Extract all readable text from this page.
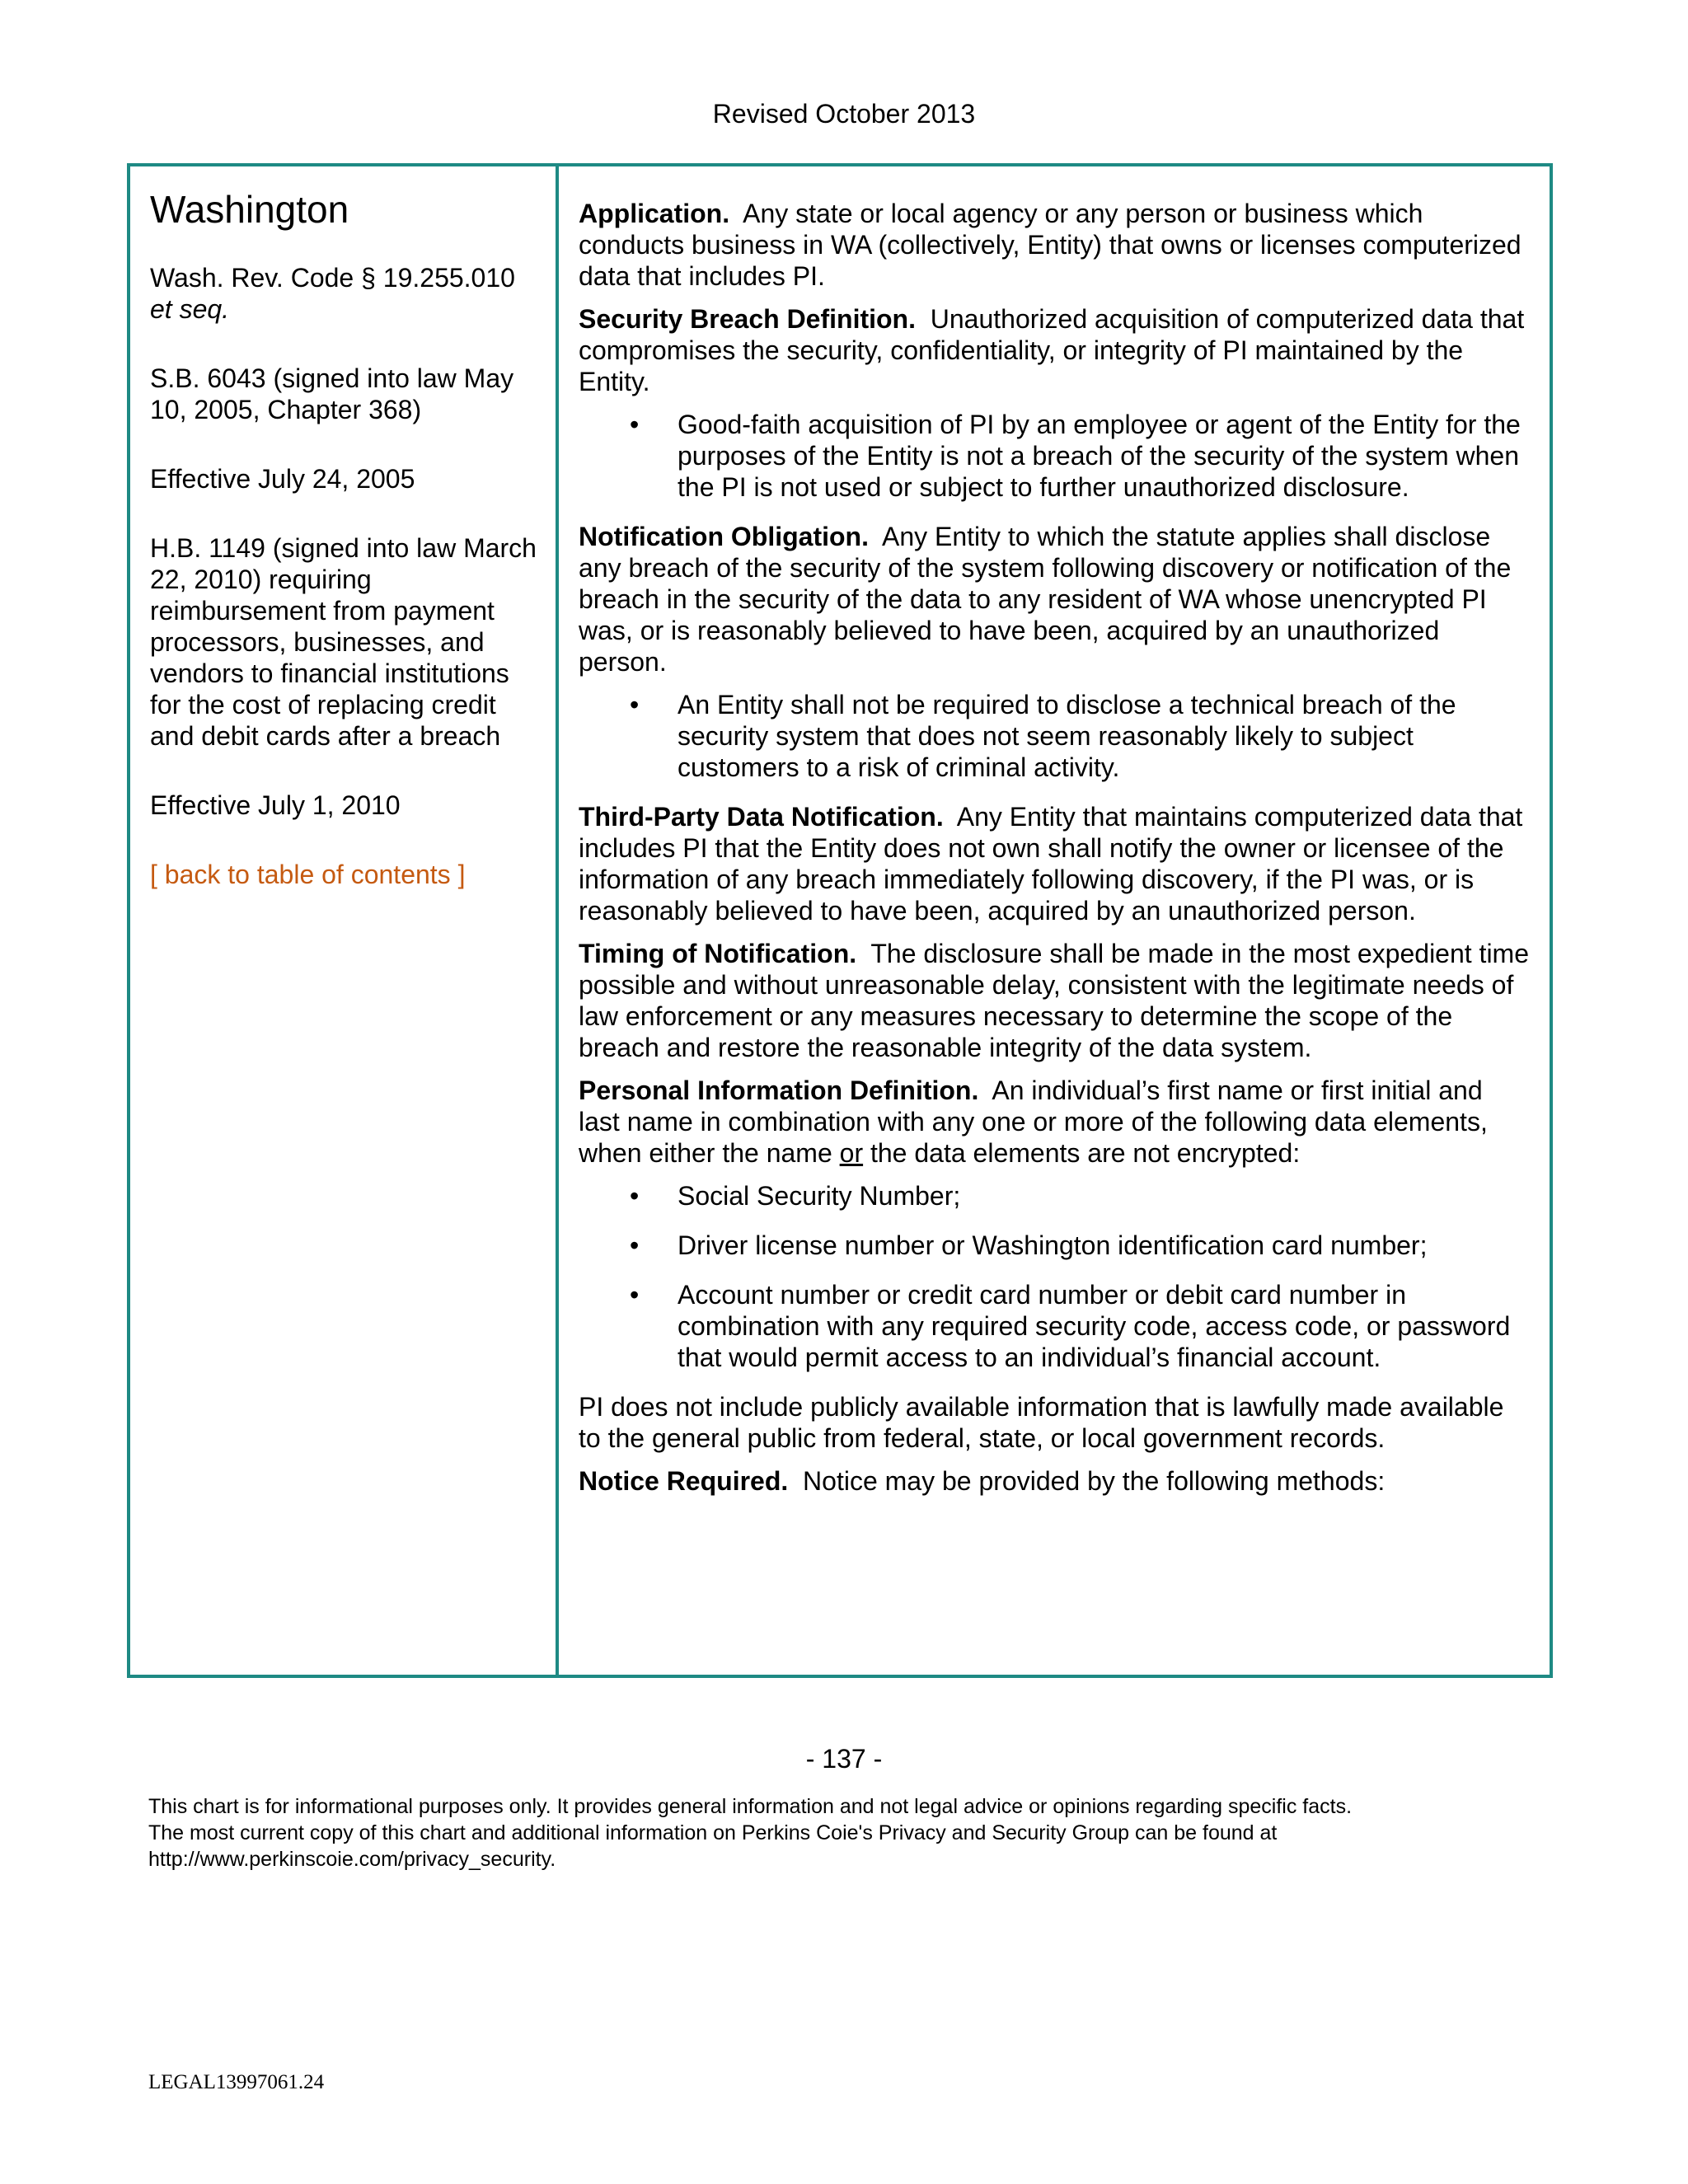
Revised October 2013
Washington
Wash. Rev. Code § 19.255.010
et seq.
S.B. 6043 (signed into law May 10, 2005, Chapter 368)
Effective July 24, 2005
H.B. 1149 (signed into law March 22, 2010) requiring reimbursement from payment processors, businesses, and vendors to financial institutions for the cost of replacing credit and debit cards after a breach
Effective July 1, 2010
[ back to table of contents ]

Application. Any state or local agency or any person or business which conducts business in WA (collectively, Entity) that owns or licenses computerized data that includes PI.

Security Breach Definition. Unauthorized acquisition of computerized data that compromises the security, confidentiality, or integrity of PI maintained by the Entity.

• Good-faith acquisition of PI by an employee or agent of the Entity for the purposes of the Entity is not a breach of the security of the system when the PI is not used or subject to further unauthorized disclosure.

Notification Obligation. Any Entity to which the statute applies shall disclose any breach of the security of the system following discovery or notification of the breach in the security of the data to any resident of WA whose unencrypted PI was, or is reasonably believed to have been, acquired by an unauthorized person.

• An Entity shall not be required to disclose a technical breach of the security system that does not seem reasonably likely to subject customers to a risk of criminal activity.

Third-Party Data Notification. Any Entity that maintains computerized data that includes PI that the Entity does not own shall notify the owner or licensee of the information of any breach immediately following discovery, if the PI was, or is reasonably believed to have been, acquired by an unauthorized person.

Timing of Notification. The disclosure shall be made in the most expedient time possible and without unreasonable delay, consistent with the legitimate needs of law enforcement or any measures necessary to determine the scope of the breach and restore the reasonable integrity of the data system.

Personal Information Definition. An individual’s first name or first initial and last name in combination with any one or more of the following data elements, when either the name or the data elements are not encrypted:

• Social Security Number;
• Driver license number or Washington identification card number;
• Account number or credit card number or debit card number in combination with any required security code, access code, or password that would permit access to an individual’s financial account.

PI does not include publicly available information that is lawfully made available to the general public from federal, state, or local government records.

Notice Required. Notice may be provided by the following methods:

- 137 -
This chart is for informational purposes only. It provides general information and not legal advice or opinions regarding specific facts.
The most current copy of this chart and additional information on Perkins Coie's Privacy and Security Group can be found at
http://www.perkinscoie.com/privacy_security.
LEGAL13997061.24
